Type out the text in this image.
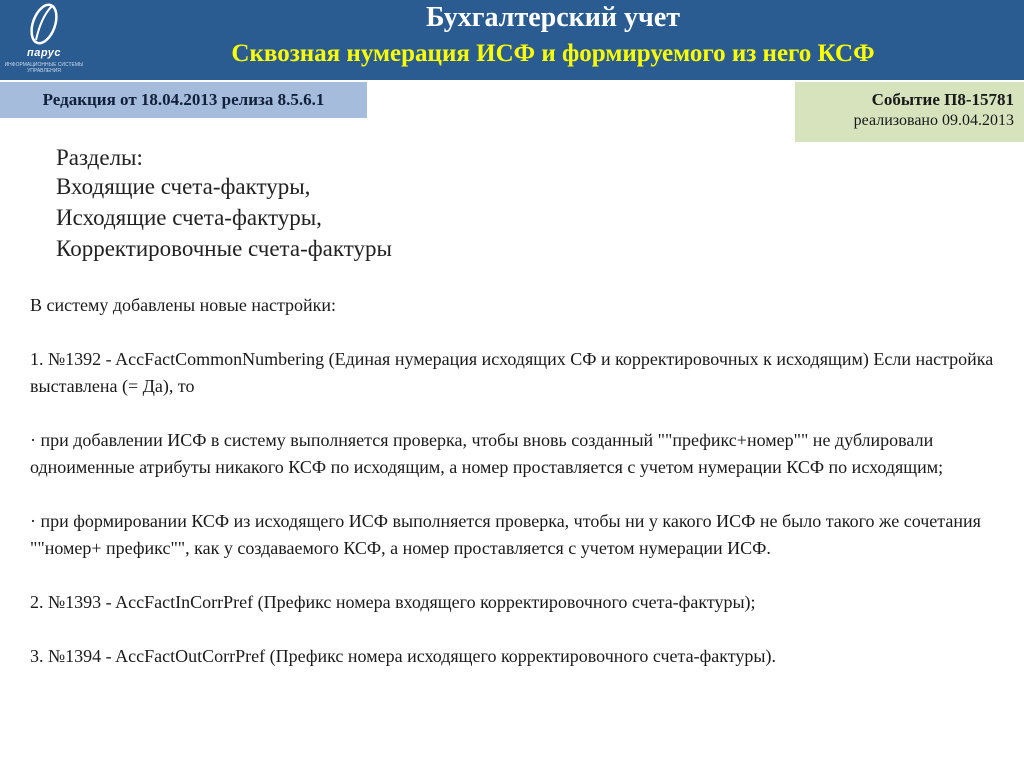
парус
ИНФОРМАЦИОННЫЕ СИСТЕМЫ УПРАВЛЕНИЯ
Бухгалтерский учет
Сквозная нумерация ИСФ и формируемого из него КСФ
Редакция от 18.04.2013 релиза 8.5.6.1	Событие П8-15781
реализовано 09.04.2013
Разделы:
Входящие счета-фактуры,
Исходящие счета-фактуры,
Корректировочные счета-фактуры

В систему добавлены новые настройки:

1. №1392 - AccFactCommonNumbering (Единая нумерация исходящих СФ и корректировочных к исходящим) Если настройка выставлена (= Да), то

· при добавлении ИСФ в систему выполняется проверка, чтобы вновь созданный ""префикс+номер"" не дублировали одноименные атрибуты никакого КСФ по исходящим, а номер проставляется с учетом нумерации КСФ по исходящим;

· при формировании КСФ из исходящего ИСФ выполняется проверка, чтобы ни у какого ИСФ не было такого же сочетания ""номер+ префикс"", как у создаваемого КСФ, а номер проставляется с учетом нумерации ИСФ.

2. №1393 - AccFactInCorrPref (Префикс номера входящего корректировочного счета-фактуры);

3. №1394 - AccFactOutCorrPref (Префикс номера исходящего корректировочного счета-фактуры).
